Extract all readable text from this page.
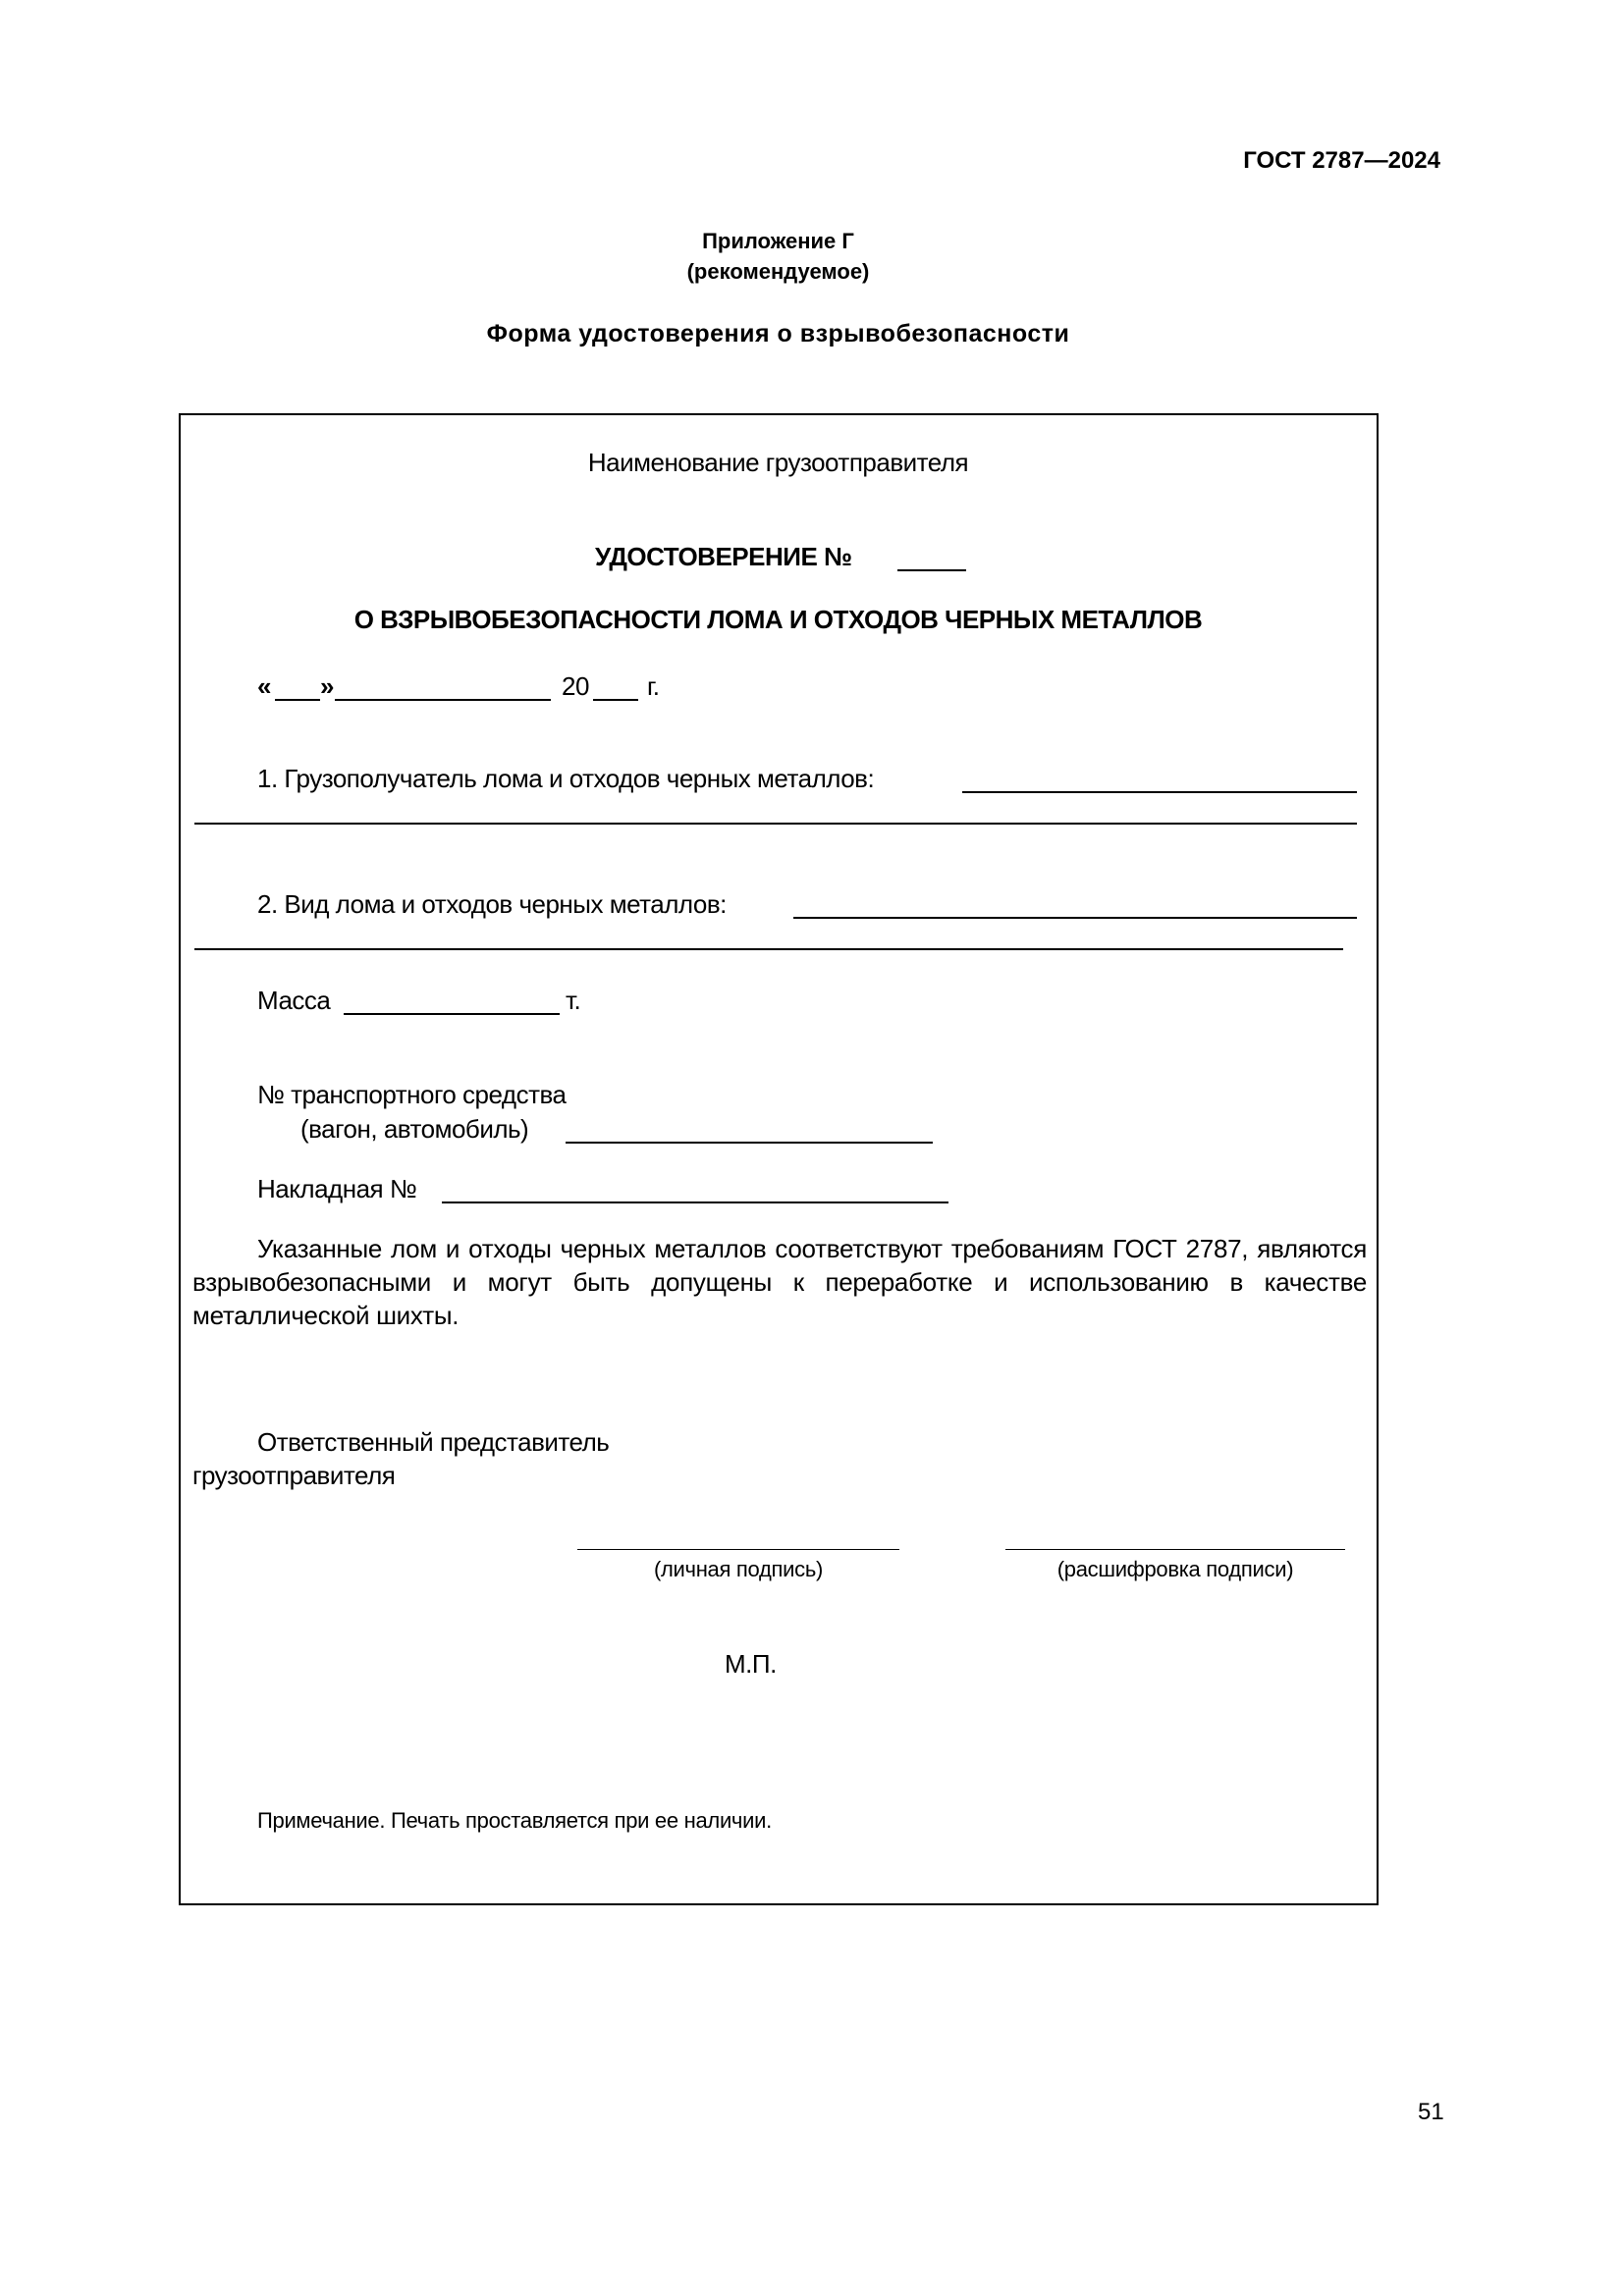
ГОСТ 2787—2024
Приложение Г
(рекомендуемое)
Форма удостоверения о взрывобезопасности
Наименование грузоотправителя
УДОСТОВЕРЕНИЕ №
О ВЗРЫВОБЕЗОПАСНОСТИ ЛОМА И ОТХОДОВ ЧЕРНЫХ МЕТАЛЛОВ
« »	20 г.
1. Грузополучатель лома и отходов черных металлов:
2. Вид лома и отходов черных металлов:
Масса	т.
№ транспортного средства
(вагон, автомобиль)
Накладная №
Указанные лом и отходы черных металлов соответствуют требованиям ГОСТ 2787, являются взрывобезопасными и могут быть допущены к переработке и использованию в качестве металлической шихты.
Ответственный представитель
грузоотправителя
(личная подпись)	(расшифровка подписи)
М.П.
Примечание. Печать проставляется при ее наличии.
51
